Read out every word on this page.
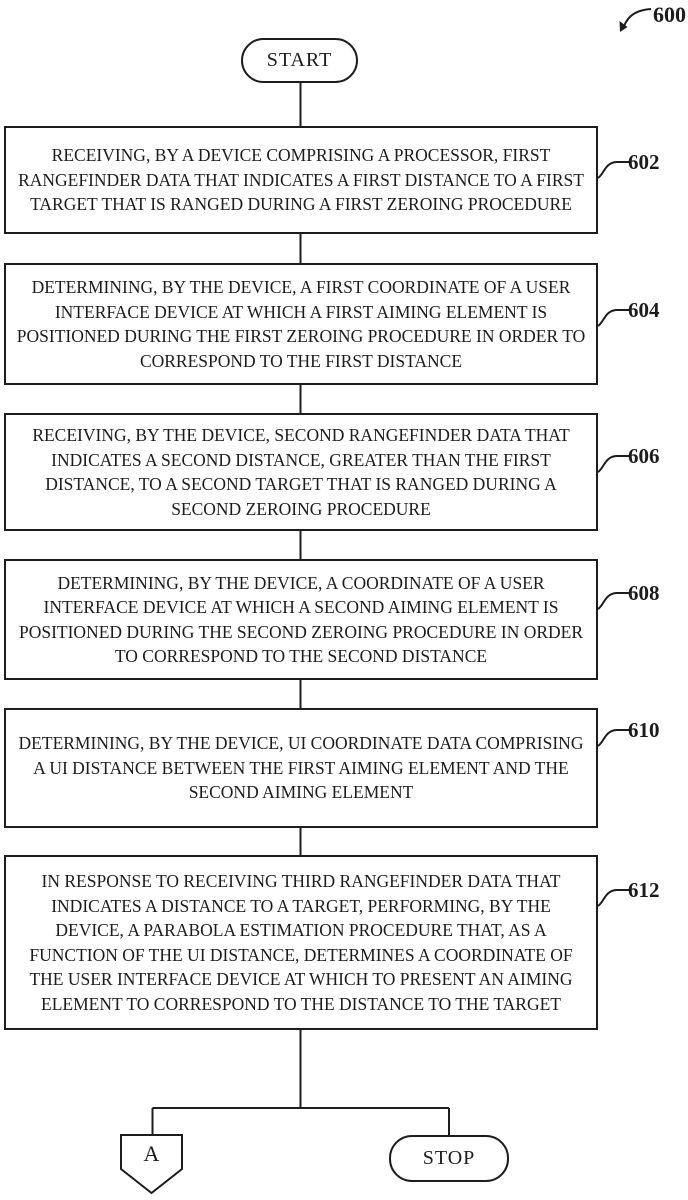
600
START
RECEIVING, BY A DEVICE COMPRISING A PROCESSOR, FIRST RANGEFINDER DATA THAT INDICATES A FIRST DISTANCE TO A FIRST TARGET THAT IS RANGED DURING A FIRST ZEROING PROCEDURE
602
DETERMINING, BY THE DEVICE, A FIRST COORDINATE OF A USER INTERFACE DEVICE AT WHICH A FIRST AIMING ELEMENT IS POSITIONED DURING THE FIRST ZEROING PROCEDURE IN ORDER TO CORRESPOND TO THE FIRST DISTANCE
604
RECEIVING, BY THE DEVICE, SECOND RANGEFINDER DATA THAT INDICATES A SECOND DISTANCE, GREATER THAN THE FIRST DISTANCE, TO A SECOND TARGET THAT IS RANGED DURING A SECOND ZEROING PROCEDURE
606
DETERMINING, BY THE DEVICE, A COORDINATE OF A USER INTERFACE DEVICE AT WHICH A SECOND AIMING ELEMENT IS POSITIONED DURING THE SECOND ZEROING PROCEDURE IN ORDER TO CORRESPOND TO THE SECOND DISTANCE
608
DETERMINING, BY THE DEVICE, UI COORDINATE DATA COMPRISING A UI DISTANCE BETWEEN THE FIRST AIMING ELEMENT AND THE SECOND AIMING ELEMENT
610
IN RESPONSE TO RECEIVING THIRD RANGEFINDER DATA THAT INDICATES A DISTANCE TO A TARGET, PERFORMING, BY THE DEVICE, A PARABOLA ESTIMATION PROCEDURE THAT, AS A FUNCTION OF THE UI DISTANCE, DETERMINES A COORDINATE OF THE USER INTERFACE DEVICE AT WHICH TO PRESENT AN AIMING ELEMENT TO CORRESPOND TO THE DISTANCE TO THE TARGET
612
A	STOP
